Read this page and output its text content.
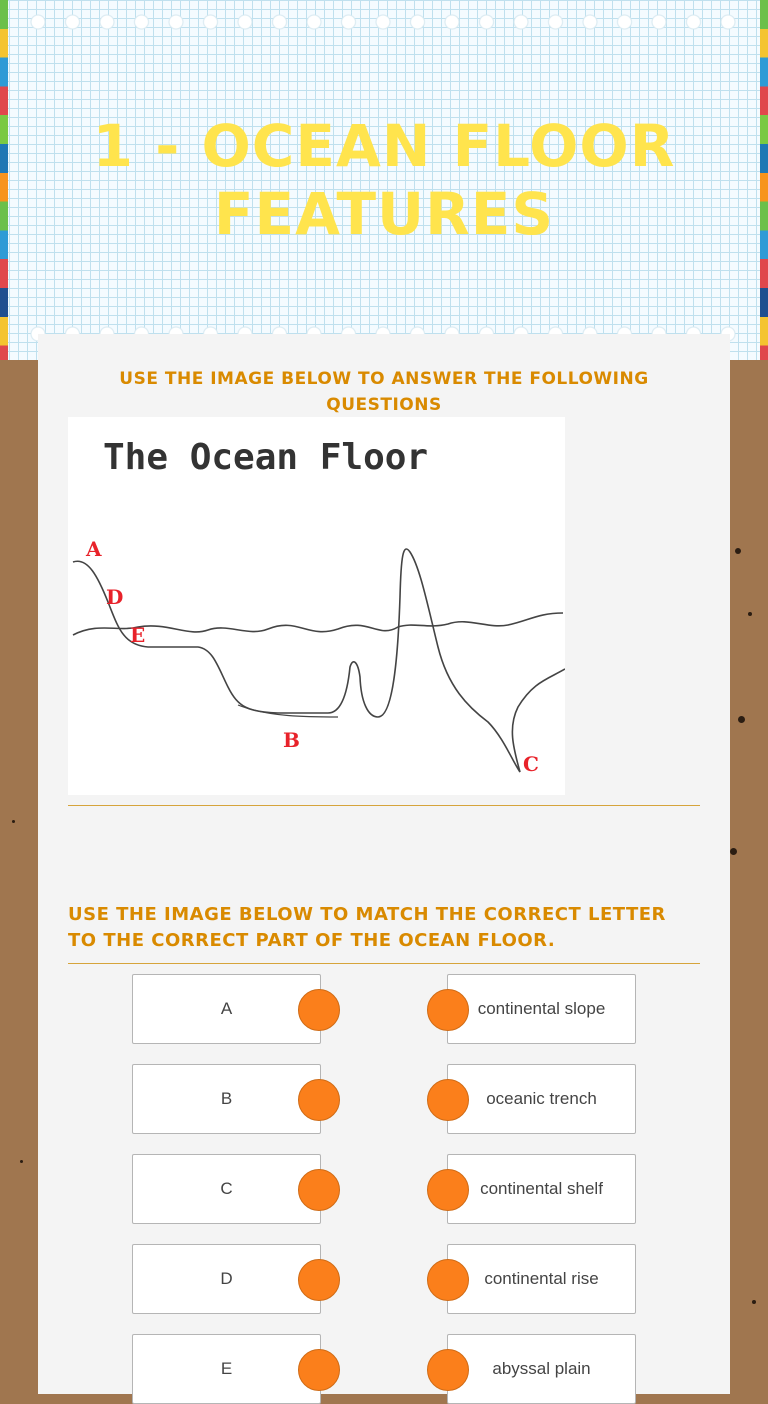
1 - OCEAN FLOOR FEATURES
USE THE IMAGE BELOW TO ANSWER THE FOLLOWING QUESTIONS
The Ocean Floor
A
D
E
B
C
USE THE IMAGE BELOW TO MATCH THE CORRECT LETTER TO THE CORRECT PART OF THE OCEAN FLOOR.
A	continental slope
B	oceanic trench
C	continental shelf
D	continental rise
E	abyssal plain
